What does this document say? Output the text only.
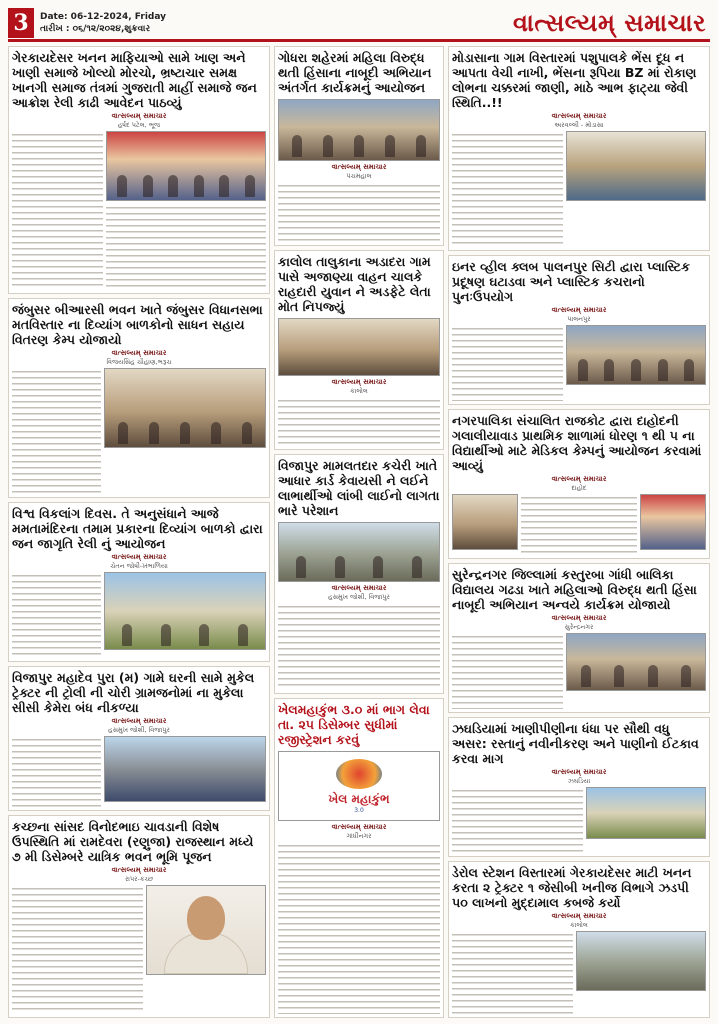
3	Date: 06-12-2024, Friday
તારીખ : ૦૬/૧૨/૨૦૨૪,શુક્રવાર	વાત્સલ્યમ્ સમાચાર
ગેરકાયદેસર ખનન માફિયાઓ સામે ખાણ અને ખાણી સમાજે ખોલ્યો મોરચો, ભ્રષ્ટાચાર સમક્ષ ખાનગી સમાજ તંત્રમાં ગુજરાતી માહીં સમાજે જન આક્રોશ રેલી કાઢી આવેદન પાઠવ્યું
વાત્સલ્યમ્ સમાચાર
હર્ષદ પટેલ, ભૂજ
જંબુસર બીઆરસી ભવન ખાતે જંબુસર વિધાનસભા મતવિસ્તાર ના દિવ્યાંગ બાળકોનો સાધન સહાય વિતરણ કેમ્પ યોજાયો
વાત્સલ્યમ્ સમાચાર
વિજયસિંહ ચૌહાણ,ભરૂચ
વિશ્વ વિકલાંગ દિવસ. તે અનુસંધાને આજે મમતામંદિરના તમામ પ્રકારના દિવ્યાંગ બાળકો દ્વારા જન જાગૃતિ રેલી નું આયોજન
વાત્સલ્યમ્ સમાચાર
ચેતન જોષી-ખંભાળિયા
વિજાપુર મહાદેવ પુરા (મ) ગામે ઘરની સામે મુકેલ ટ્રેક્ટર ની ટ્રોલી ની ચોરી ગ્રામજનોમાં ના મુકેલા સીસી કેમેરા બંધ નીકળ્યા
વાત્સલ્યમ્ સમાચાર
હસમુખ જોશી, વિજાપુર
કચ્છના સાંસદ વિનોદભાઇ ચાવડાની વિશેષ ઉપસ્થિતિ માં રામદેવરા (રણુજા) રાજસ્થાન મધ્યે ૭ મી ડિસેમ્બરે યાત્રિક ભવન ભૂમિ પૂજન
વાત્સલ્યમ્ સમાચાર
રાપર-કચ્છ
ગોધરા શહેરમાં મહિલા વિરુદ્ધ થતી હિંસાના નાબૂદી અભિયાન અંતર્ગત કાર્યક્રમનું આયોજન
વાત્સલ્યમ્ સમાચાર
પંચમહાલ
કાલોલ તાલુકાના અડાદરા ગામ પાસે અજાણ્યા વાહન ચાલકે રાહદારી યુવાન ને અડફેટે લેતા મોત નિપજ્યું
વાત્સલ્યમ્ સમાચાર
કાલોલ
વિજાપુર મામલતદાર કચેરી ખાતે આધાર કાર્ડ કેવાયસી ને લઈને લાભાર્થીઓ લાંબી લાઈનો લાગતા ભારે પરેશાન
વાત્સલ્યમ્ સમાચાર
હસમુખ જોશી, વિજાપુર
ખેલમહાકુંભ ૩.૦ માં ભાગ લેવા તા. ૨૫ ડિસેમ્બર સુધીમાં રજીસ્ટ્રેશન કરવું
ખેલ મહાકુંભ
3.0
વાત્સલ્યમ્ સમાચાર
ગાંધીનગર
મોડાસાના ગામ વિસ્તારમાં પશુપાલકે ભેંસ દૂધ ન આપતા વેચી નાખી, ભેંસના રૂપિયા BZ માં રોકાણ લોભના ચક્કરમાં જાણી, માઠે આભ ફાટ્યા જેવી સ્થિતિ..!!
વાત્સલ્યમ્ સમાચાર
અરવલ્લી - મોડાસા
ઇનર વ્હીલ ક્લબ પાલનપુર સિટી દ્વારા પ્લાસ્ટિક પ્રદૂષણ ઘટાડવા અને પ્લાસ્ટિક કચરાનો પુનઃઉપયોગ
વાત્સલ્યમ્ સમાચાર
પાલનપુર
નગરપાલિકા સંચાલિત રાજકોટ દ્વારા દાહોદની ગલાલીયાવાડ પ્રાથમિક શાળામાં ધોરણ ૧ થી ૫ ના વિદ્યાર્થીઓ માટે મેડિકલ કેમ્પનું આયોજન કરવામાં આવ્યું
વાત્સલ્યમ્ સમાચાર
દાહોદ
સુરેન્દ્રનગર જિલ્લામાં કસ્તુરબા ગાંધી બાલિકા વિદ્યાલય ગઢડા ખાતે મહિલાઓ વિરુદ્ધ થતી હિંસા નાબૂદી અભિયાન અન્વયે કાર્યક્રમ યોજાયો
વાત્સલ્યમ્ સમાચાર
સુરેન્દ્રનગર
ઝઘડિયામાં ખાણીપીણીના ધંધા પર સૌથી વધુ અસર: રસ્તાનું નવીનીકરણ અને પાણીનો ઈટકાવ કરવા માગ
વાત્સલ્યમ્ સમાચાર
ઝઘડિયા
ડેરોલ સ્ટેશન વિસ્તારમાં ગેરકાયદેસર માટી ખનન કરતા ૨ ટ્રેક્ટર ૧ જેસીબી ખનીજ વિભાગે ઝડપી ૫૦ લાખનો મુદ્દામાલ કબજે કર્યો
વાત્સલ્યમ્ સમાચાર
કાલોલ
